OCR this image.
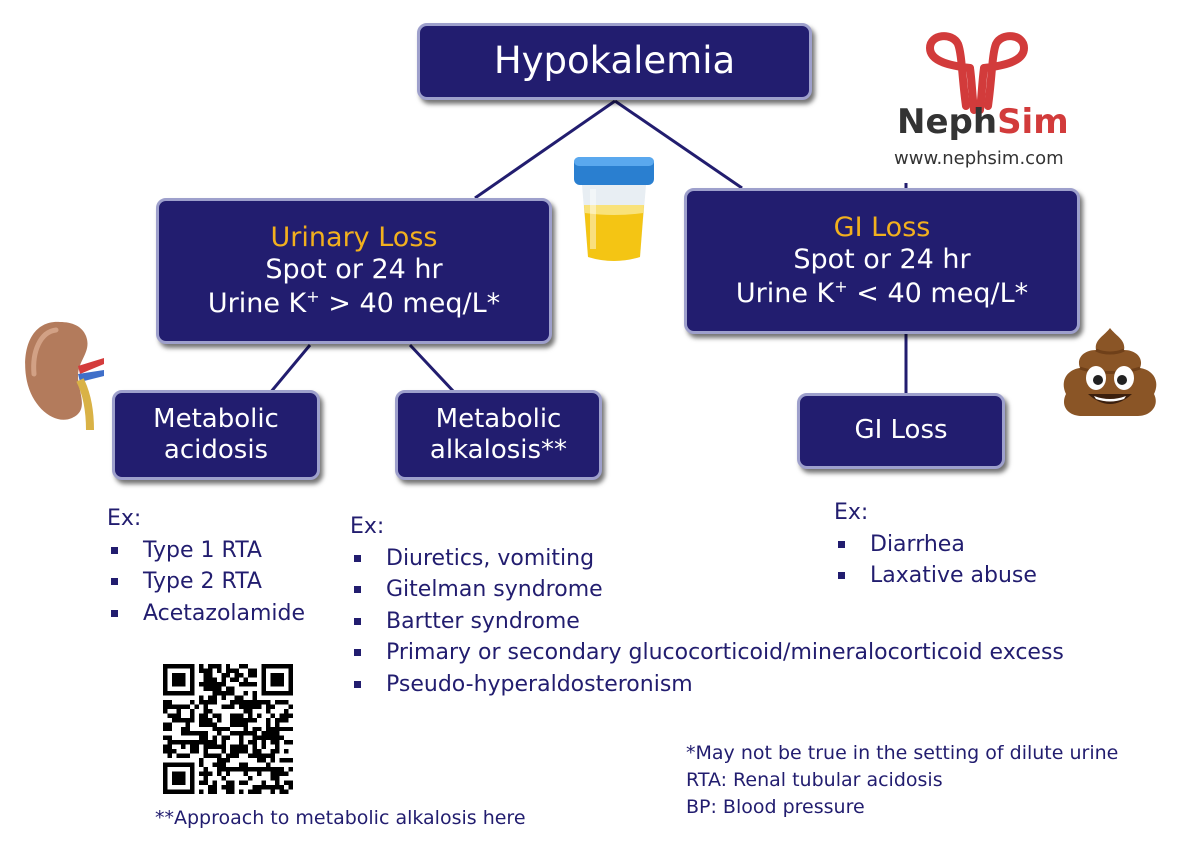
Hypokalemia
Urinary Loss
Spot or 24 hr
Urine K+ > 40 meq/L*
GI Loss
Spot or 24 hr
Urine K+ < 40 meq/L*
Metabolic
acidosis
Metabolic
alkalosis**
GI Loss
Ex:
Type 1 RTA
Type 2 RTA
Acetazolamide
Ex:
Diuretics, vomiting
Gitelman syndrome
Bartter syndrome
Primary or secondary glucocorticoid/mineralocorticoid excess
Pseudo-hyperaldosteronism
Ex:
Diarrhea
Laxative abuse
*May not be true in the setting of dilute urine
RTA: Renal tubular acidosis
BP: Blood pressure
**Approach to metabolic alkalosis here
NephSim
www.nephsim.com
